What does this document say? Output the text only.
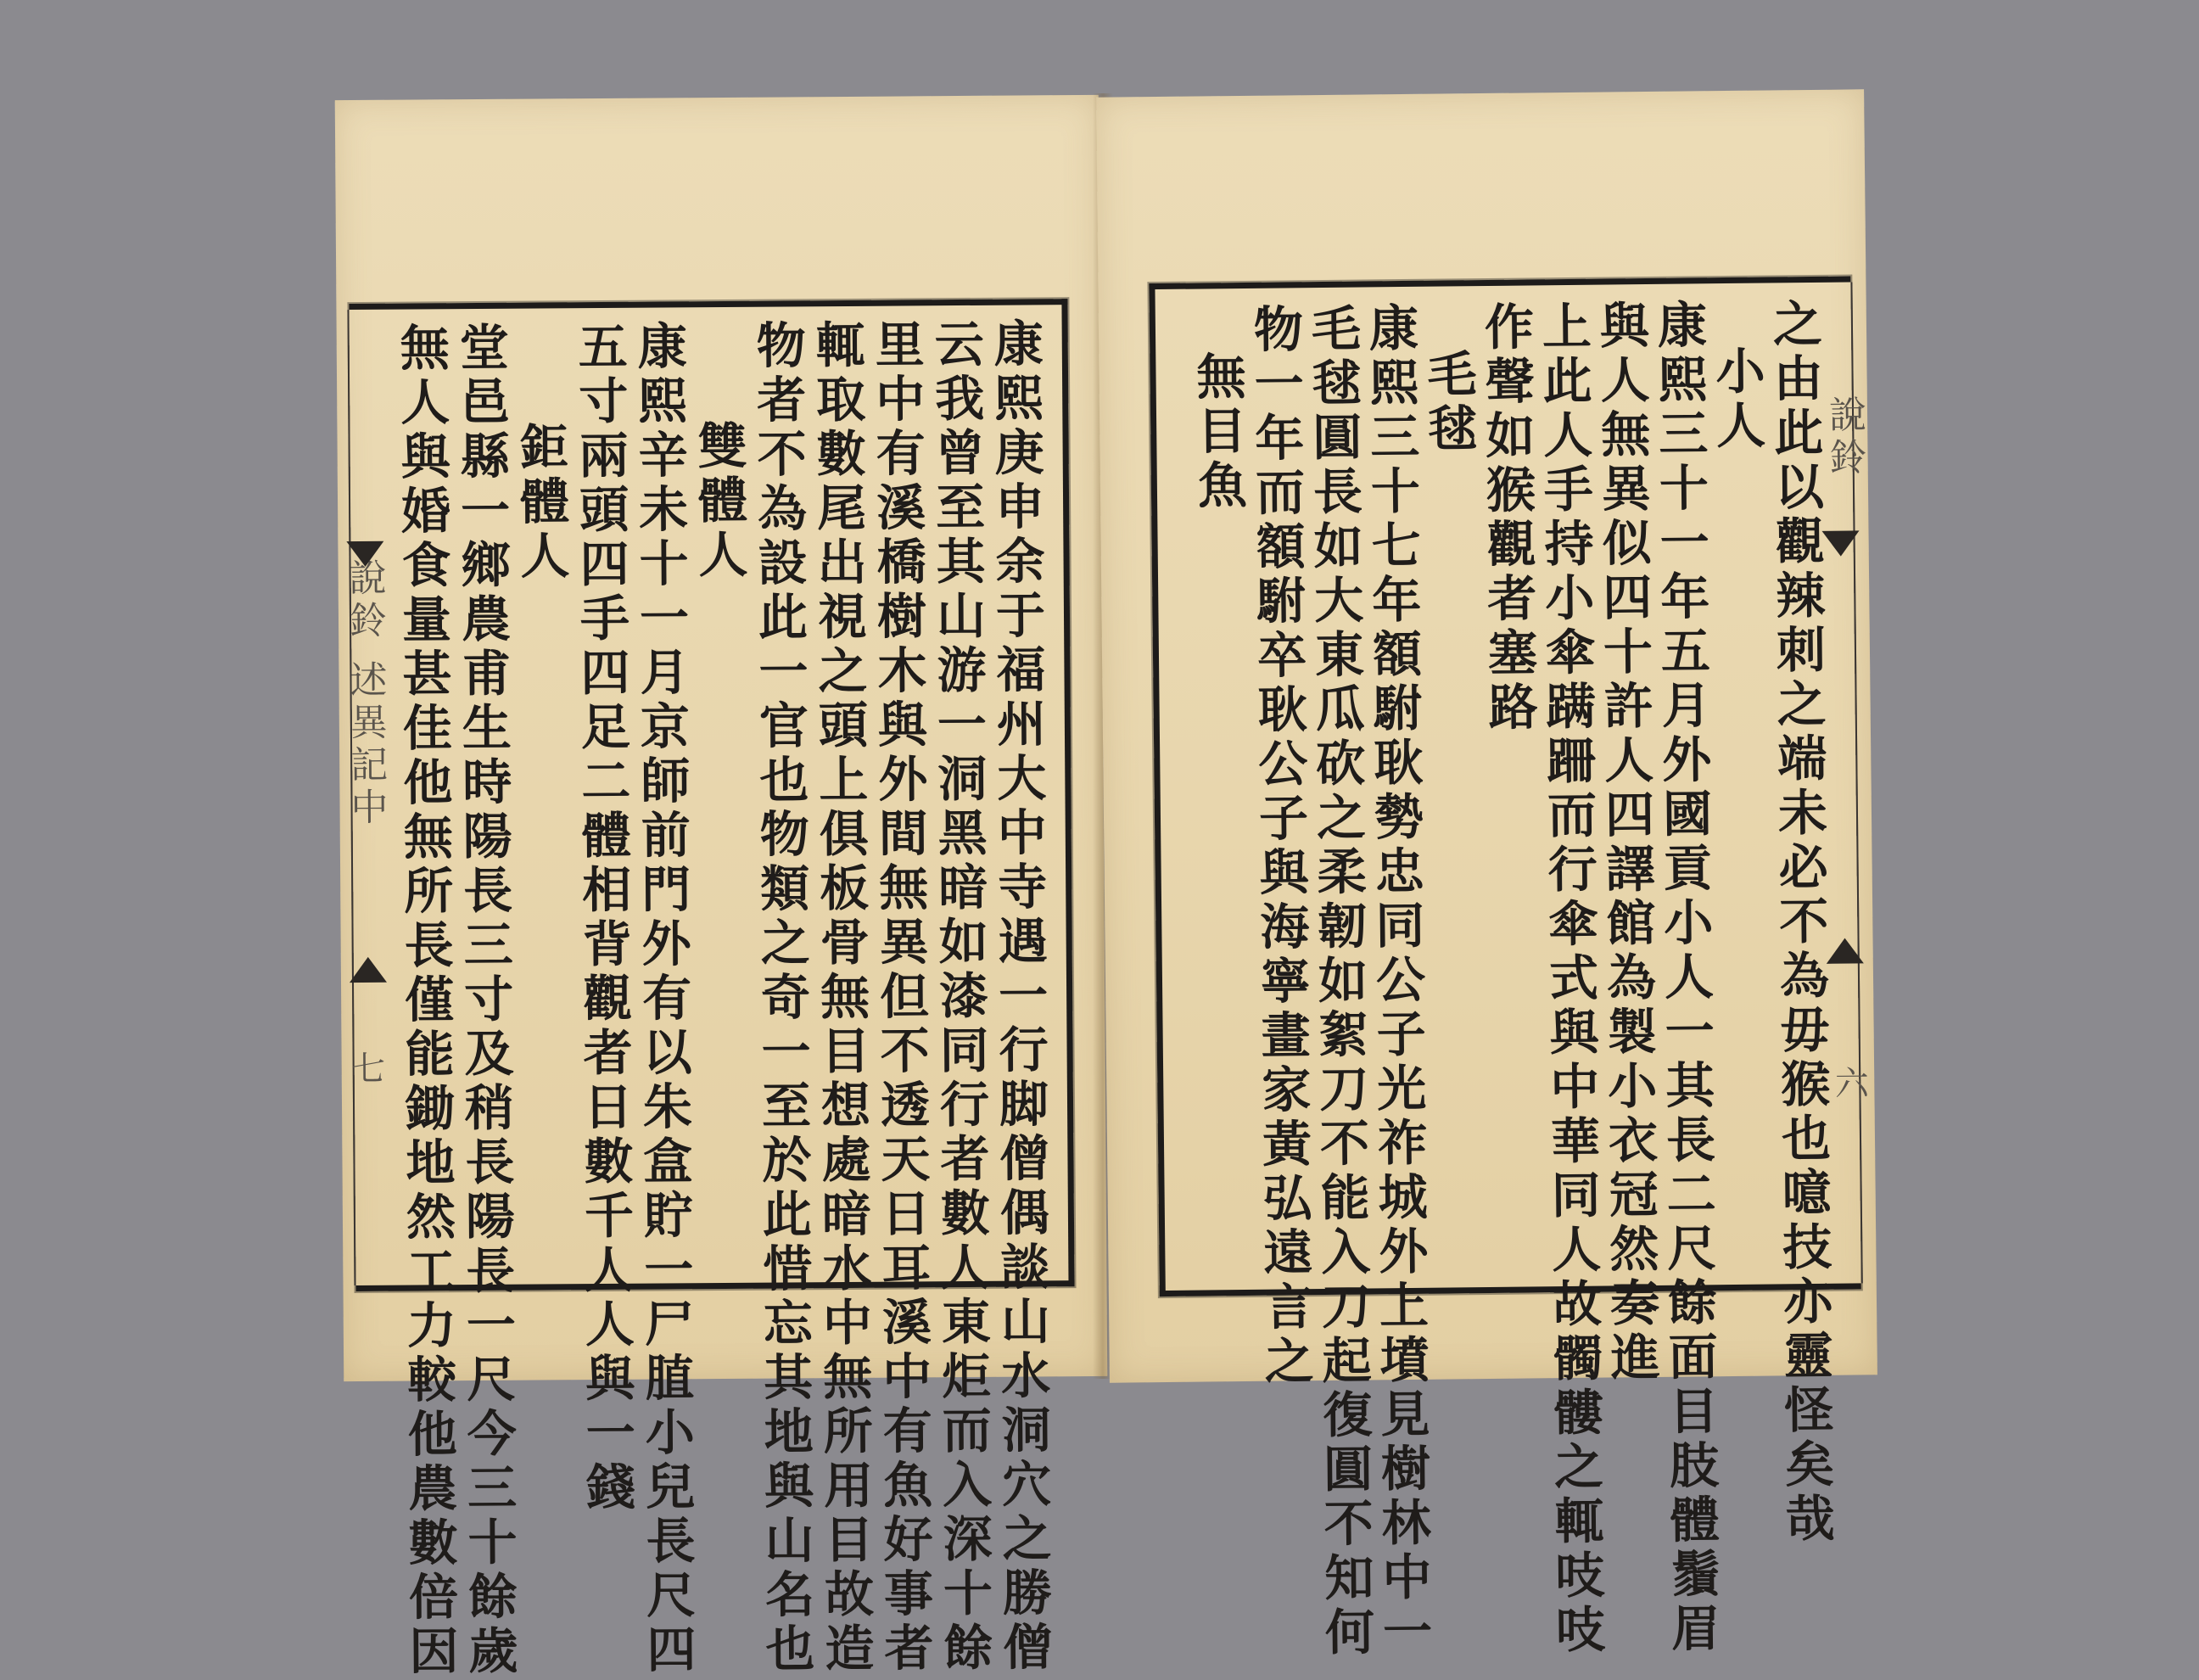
說鈴 述異記中
七	康熙庚申余于福州大中寺遇一行脚僧偶談山水洞穴之勝僧
云我曾至其山游一洞黑暗如漆同行者數人東炬而入深十餘
里中有溪橋樹木與外間無異但不透天日耳溪中有魚好事者
輒取數尾出視之頭上俱板骨無目想處暗水中無所用目故造
物者不為設此一官也物類之奇一至於此惜忘其地與山名也
雙體人
康熙辛未十一月京師前門外有以朱盒貯一尸䐈小兒長尺四
五寸兩頭四手四足二體相背觀者日數千人人與一錢
鉅體人
堂邑縣一鄉農甫生時陽長三寸及稍長陽長一尺今三十餘歲
無人與婚食量甚佳他無所長僅能鋤地然工力較他農數倍因	說鈴
六
之由此以觀辣刺之端未必不為毋猴也噫技亦靈怪矣哉
小人
康熙三十一年五月外國貢小人一其長二尺餘面目肢體鬚眉
與人無異似四十許人四譯館為製小衣冠然奏進
上此人手持小傘蹒跚而行傘式與中華同人故髑髏之輒吱吱
作聲如猴觀者塞路
毛毬
康熙三十七年額駙耿勢忠同公子光祚城外上墳見樹林中一
毛毬圓長如大東瓜砍之柔韌如絮刀不能入刀起復圓不知何
物一年而額駙卒耿公子與海寧畫家黃弘遠言之
無目魚
